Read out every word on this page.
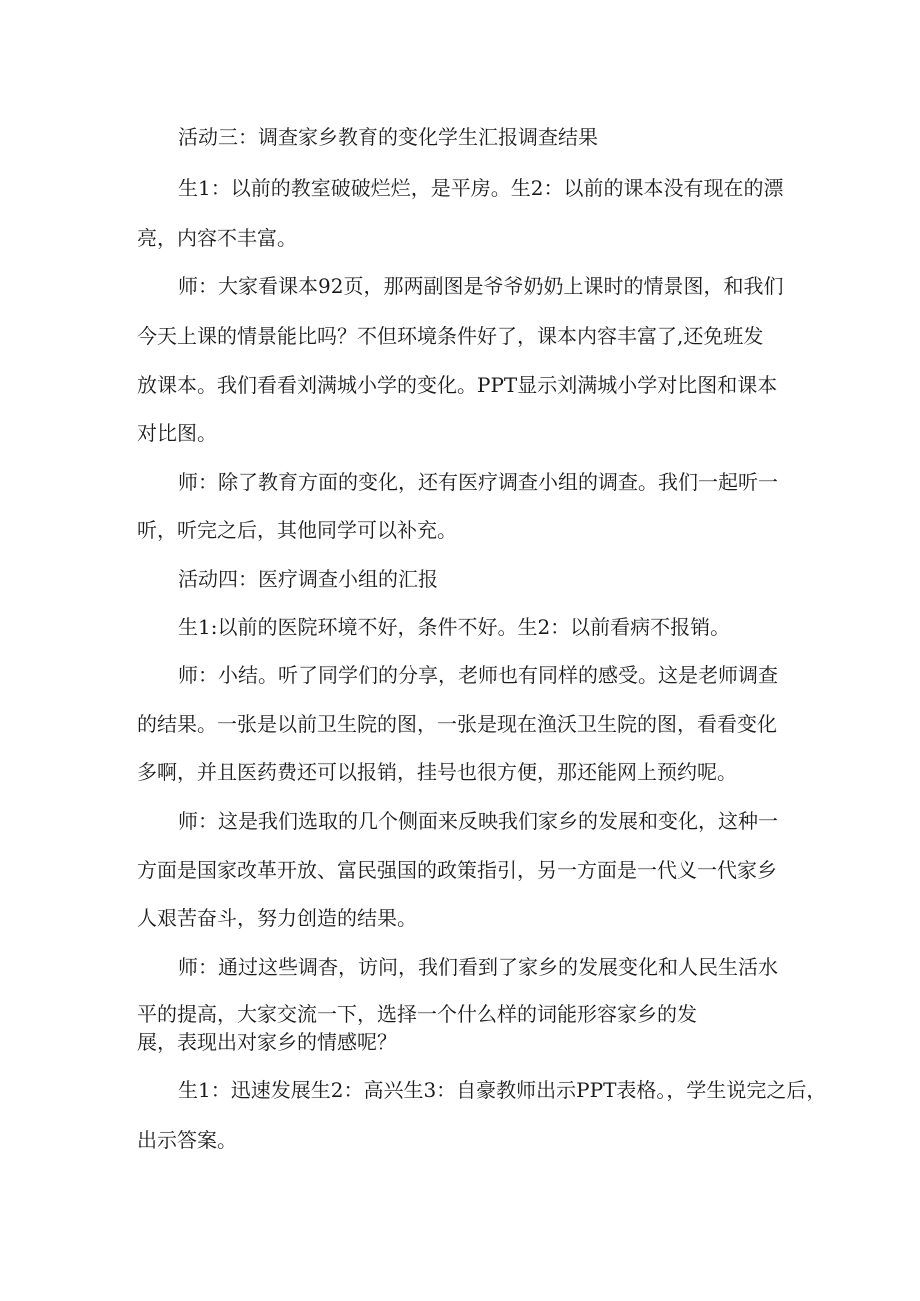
活动三：调查家乡教育的变化学生汇报调查结果
生1：以前的教室破破烂烂，是平房。生2：以前的课本没有现在的漂
亮，内容不丰富。
师：大家看课本92页，那两副图是爷爷奶奶上课时的情景图，和我们
今天上课的情景能比吗？不但环境条件好了，课本内容丰富了,还免班发
放课本。我们看看刘满城小学的变化。PPT显示刘满城小学对比图和课本
对比图。
师：除了教育方面的变化，还有医疗调查小组的调查。我们一起听一
听，听完之后，其他同学可以补充。
活动四：医疗调查小组的汇报
生1:以前的医院环境不好，条件不好。生2：以前看病不报销。
师：小结。听了同学们的分享，老师也有同样的感受。这是老师调查
的结果。一张是以前卫生院的图，一张是现在渔沃卫生院的图，看看变化
多啊，并且医药费还可以报销，挂号也很方便，那还能网上预约呢。
师：这是我们选取的几个侧面来反映我们家乡的发展和变化，这种一
方面是国家改革开放、富民强国的政策指引，另一方面是一代义一代家乡
人艰苦奋斗，努力创造的结果。
师：通过这些调杳，访问，我们看到了家乡的发展变化和人民生活水
平的提高，大家交流一下，选择一个什么样的词能形容家乡的发
展，表现出对家乡的情感呢？
生1：迅速发展生2：高兴生3：自豪教师出示PPT表格。，学生说完之后，
出示答案。
